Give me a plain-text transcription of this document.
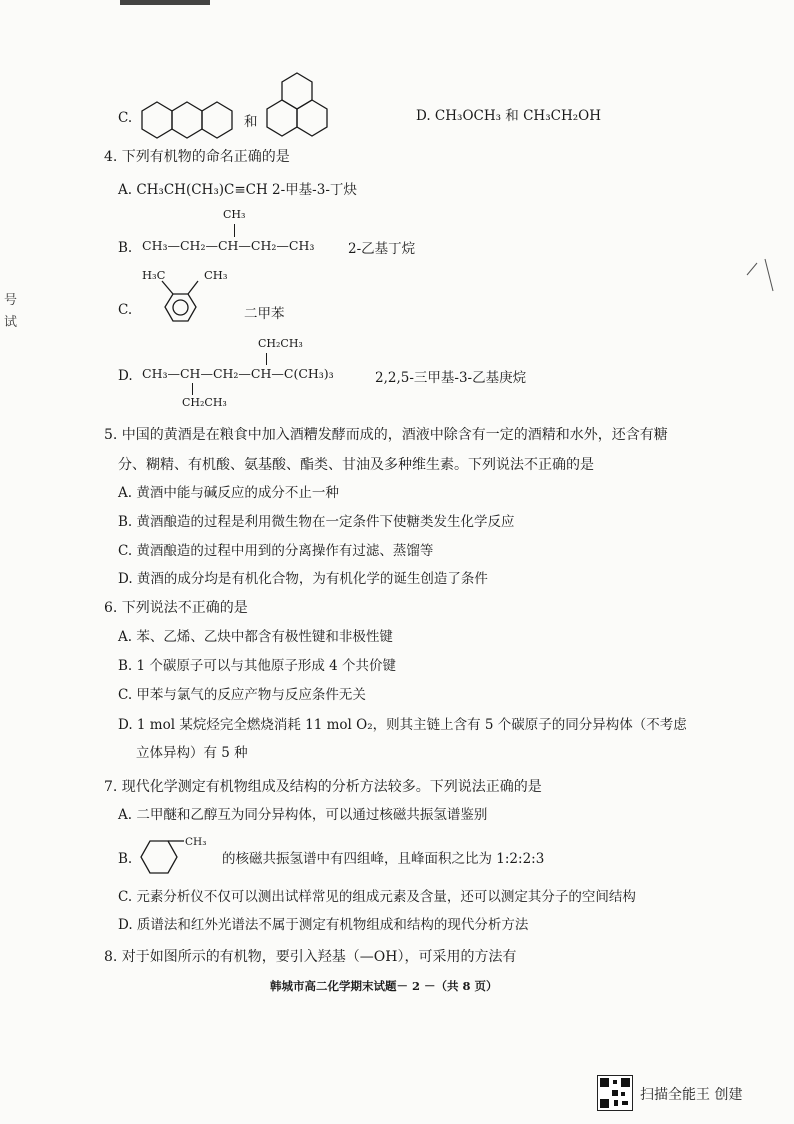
C.	和	D. CH₃OCH₃ 和 CH₃CH₂OH
4. 下列有机物的命名正确的是
A. CH₃CH(CH₃)C≡CH 2-甲基-3-丁炔
B.
CH₃
CH₃—CH₂—CH—CH₂—CH₃ 2-乙基丁烷
C.
H₃C	CH₃
二甲苯
D.
CH₂CH₃
CH₃—CH—CH₂—CH—C(CH₃)₃
CH₂CH₃
2,2,5-三甲基-3-乙基庚烷
5. 中国的黄酒是在粮食中加入酒糟发酵而成的，酒液中除含有一定的酒精和水外，还含有糖
分、糊精、有机酸、氨基酸、酯类、甘油及多种维生素。下列说法不正确的是
A. 黄酒中能与碱反应的成分不止一种
B. 黄酒酿造的过程是利用微生物在一定条件下使糖类发生化学反应
C. 黄酒酿造的过程中用到的分离操作有过滤、蒸馏等
D. 黄酒的成分均是有机化合物，为有机化学的诞生创造了条件
6. 下列说法不正确的是
A. 苯、乙烯、乙炔中都含有极性键和非极性键
B. 1 个碳原子可以与其他原子形成 4 个共价键
C. 甲苯与氯气的反应产物与反应条件无关
D. 1 mol 某烷烃完全燃烧消耗 11 mol O₂，则其主链上含有 5 个碳原子的同分异构体（不考虑
立体异构）有 5 种
7. 现代化学测定有机物组成及结构的分析方法较多。下列说法正确的是
A. 二甲醚和乙醇互为同分异构体，可以通过核磁共振氢谱鉴别
B.
CH₃
的核磁共振氢谱中有四组峰，且峰面积之比为 1:2:2:3
C. 元素分析仪不仅可以测出试样常见的组成元素及含量，还可以测定其分子的空间结构
D. 质谱法和红外光谱法不属于测定有机物组成和结构的现代分析方法
8. 对于如图所示的有机物，要引入羟基（—OH），可采用的方法有
韩城市高二化学期末试题－ 2 －（共 8 页）
号 试
扫描全能王 创建
